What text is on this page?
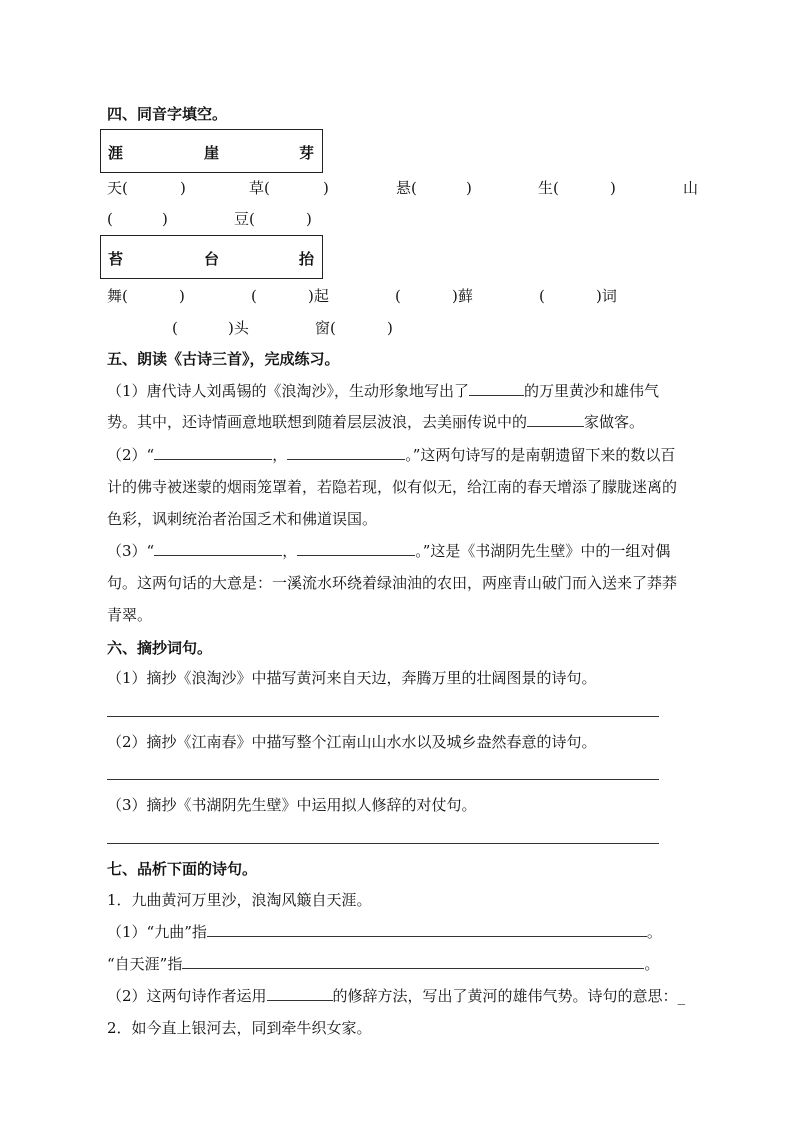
四、同音字填空。
涯	崖	芽
天(	)	草(	)	悬(	)	生(	)	山
(	)	豆(	)
苔	台	抬
舞(	)	(	)起	(	)藓	(	)词
(	)头	窗(	)
五、朗读《古诗三首》，完成练习。
（1）唐代诗人刘禹锡的《浪淘沙》，生动形象地写出了	的万里黄沙和雄伟气
势。其中，还诗情画意地联想到随着层层波浪，去美丽传说中的	家做客。
（2）“	，	。”这两句诗写的是南朝遗留下来的数以百
计的佛寺被迷蒙的烟雨笼罩着，若隐若现，似有似无，给江南的春天增添了朦胧迷离的
色彩，讽刺统治者治国乏术和佛道误国。
（3）“	，	。”这是《书湖阴先生壁》中的一组对偶
句。这两句话的大意是：一溪流水环绕着绿油油的农田，两座青山破门而入送来了莽莽
青翠。
六、摘抄词句。
（1）摘抄《浪淘沙》中描写黄河来自天边，奔腾万里的壮阔图景的诗句。
（2）摘抄《江南春》中描写整个江南山山水水以及城乡盎然春意的诗句。
（3）摘抄《书湖阴先生壁》中运用拟人修辞的对仗句。
七、品析下面的诗句。
1．九曲黄河万里沙，浪淘风簸自天涯。
（1）“九曲”指	。
“自天涯”指	。
（2）这两句诗作者运用	的修辞方法，写出了黄河的雄伟气势。诗句的意思：_
2．如今直上银河去，同到牵牛织女家。
